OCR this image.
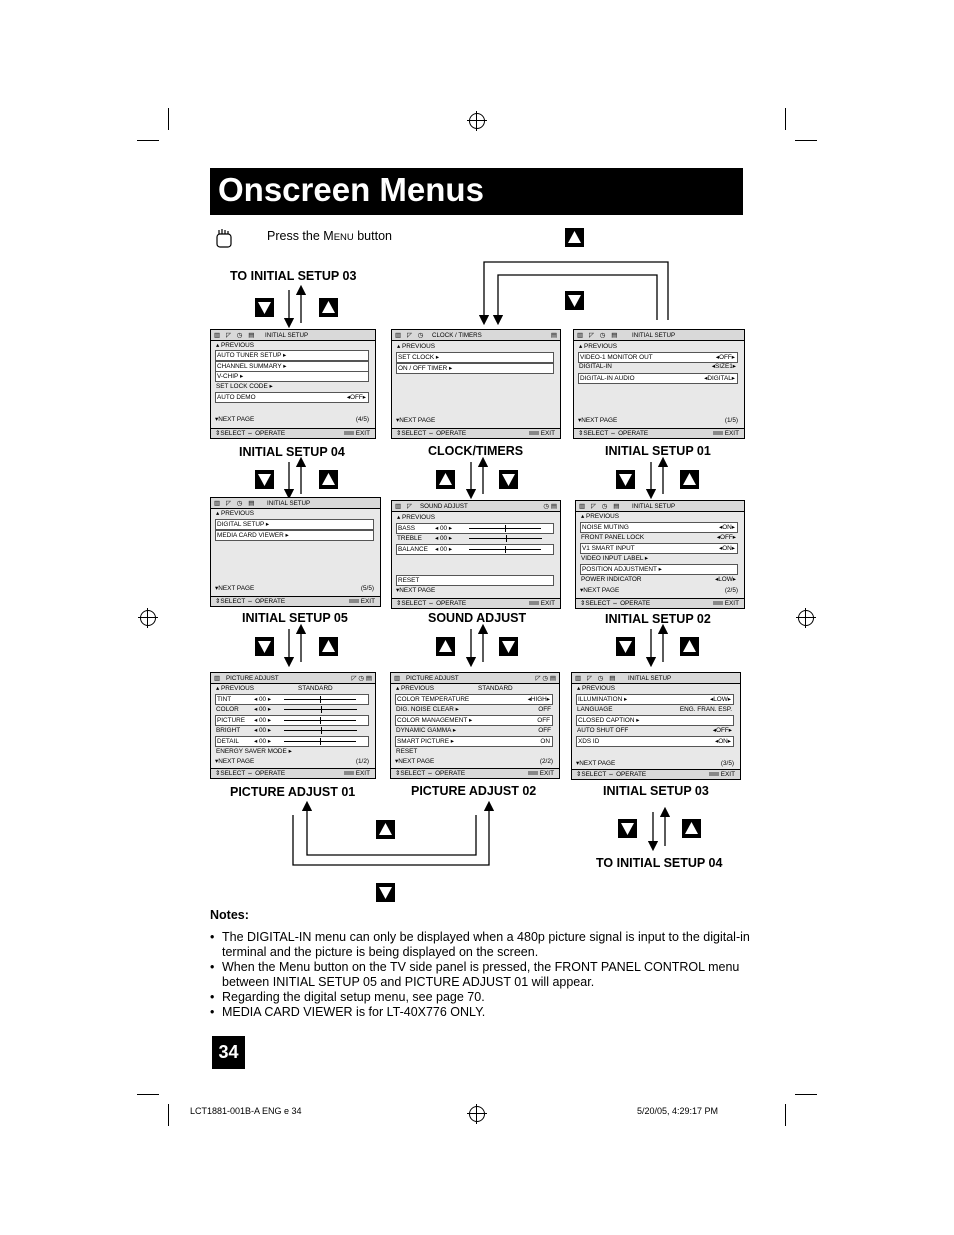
Onscreen Menus
Press the MENU button
TO INITIAL SETUP 03
INITIAL SETUP 04	CLOCK/TIMERS	INITIAL SETUP 01
INITIAL SETUP 05	SOUND ADJUST	INITIAL SETUP 02
PICTURE ADJUST 01	PICTURE ADJUST 02	INITIAL SETUP 03
TO INITIAL SETUP 04
▥ ◸ ◷ ▤ INITIAL SETUP
▴ PREVIOUS
AUTO TUNER SETUP ▸
CHANNEL SUMMARY ▸
V-CHIP ▸
SET LOCK CODE ▸
AUTO DEMO	◂OFF▸
▾NEXT PAGE	(4/5)
⇕SELECT ⇔ OPERATE	EXIT
▥ ◸ ◷ CLOCK / TIMERS	▤
▴ PREVIOUS
SET CLOCK ▸
ON / OFF TIMER ▸
▾NEXT PAGE
⇕SELECT ⇔ OPERATE	EXIT
▥ ◸ ◷ ▤ INITIAL SETUP
▴ PREVIOUS
VIDEO-1 MONITOR OUT	◂OFF▸
DIGITAL-IN	◂SIZE1▸
DIGITAL-IN AUDIO	◂DIGITAL▸
▾NEXT PAGE	(1/5)
⇕SELECT ⇔ OPERATE	EXIT
▥ ◸ ◷ ▤ INITIAL SETUP
▴ PREVIOUS
DIGITAL SETUP ▸
MEDIA CARD VIEWER ▸
▾NEXT PAGE	(5/5)
⇕SELECT ⇔ OPERATE	EXIT
▥ ◸ SOUND ADJUST	◷ ▤
▴ PREVIOUS
BASS	◂ 00 ▸
TREBLE ◂ 00 ▸
BALANCE ◂ 00 ▸
RESET
▾NEXT PAGE
⇕SELECT ⇔ OPERATE	EXIT
▥ ◸ ◷ ▤ INITIAL SETUP
▴ PREVIOUS
NOISE MUTING	◂ON▸
FRONT PANEL LOCK	◂OFF▸
V1 SMART INPUT	◂ON▸
VIDEO INPUT LABEL ▸
POSITION ADJUSTMENT ▸
POWER INDICATOR	◂LOW▸
▾NEXT PAGE	(2/5)
⇕SELECT ⇔ OPERATE	EXIT
▥ PICTURE ADJUST	◸ ◷ ▤
▴ PREVIOUS	STANDARD
TINT	◂ 00 ▸
COLOR ◂ 00 ▸
PICTURE ◂ 00 ▸
BRIGHT ◂ 00 ▸
DETAIL ◂ 00 ▸
ENERGY SAVER MODE ▸
▾NEXT PAGE	(1/2)
⇕SELECT ⇔ OPERATE	EXIT
▥ PICTURE ADJUST	◸ ◷ ▤
▴ PREVIOUS	STANDARD
COLOR TEMPERATURE	◂HIGH▸
DIG. NOISE CLEAR ▸	OFF
COLOR MANAGEMENT ▸	OFF
DYNAMIC GAMMA ▸	OFF
SMART PICTURE ▸	ON
RESET
▾NEXT PAGE	(2/2)
⇕SELECT ⇔ OPERATE	EXIT
▥ ◸ ◷ ▤ INITIAL SETUP
▴ PREVIOUS
ILLUMINATION ▸	◂LOW▸
LANGUAGE	ENG. FRAN. ESP.
CLOSED CAPTION ▸
AUTO SHUT OFF	◂OFF▸
XDS ID	◂ON▸
▾NEXT PAGE	(3/5)
⇕SELECT ⇔ OPERATE	EXIT
Notes:
• The DIGITAL-IN menu can only be displayed when a 480p picture signal is input to the digital-in terminal and the picture is being displayed on the screen.
• When the Menu button on the TV side panel is pressed, the FRONT PANEL CONTROL menu between INITIAL SETUP 05 and PICTURE ADJUST 01 will appear.
• Regarding the digital setup menu, see page 70.
• MEDIA CARD VIEWER is for LT-40X776 ONLY.
34
LCT1881-001B-A ENG e 34	5/20/05, 4:29:17 PM
